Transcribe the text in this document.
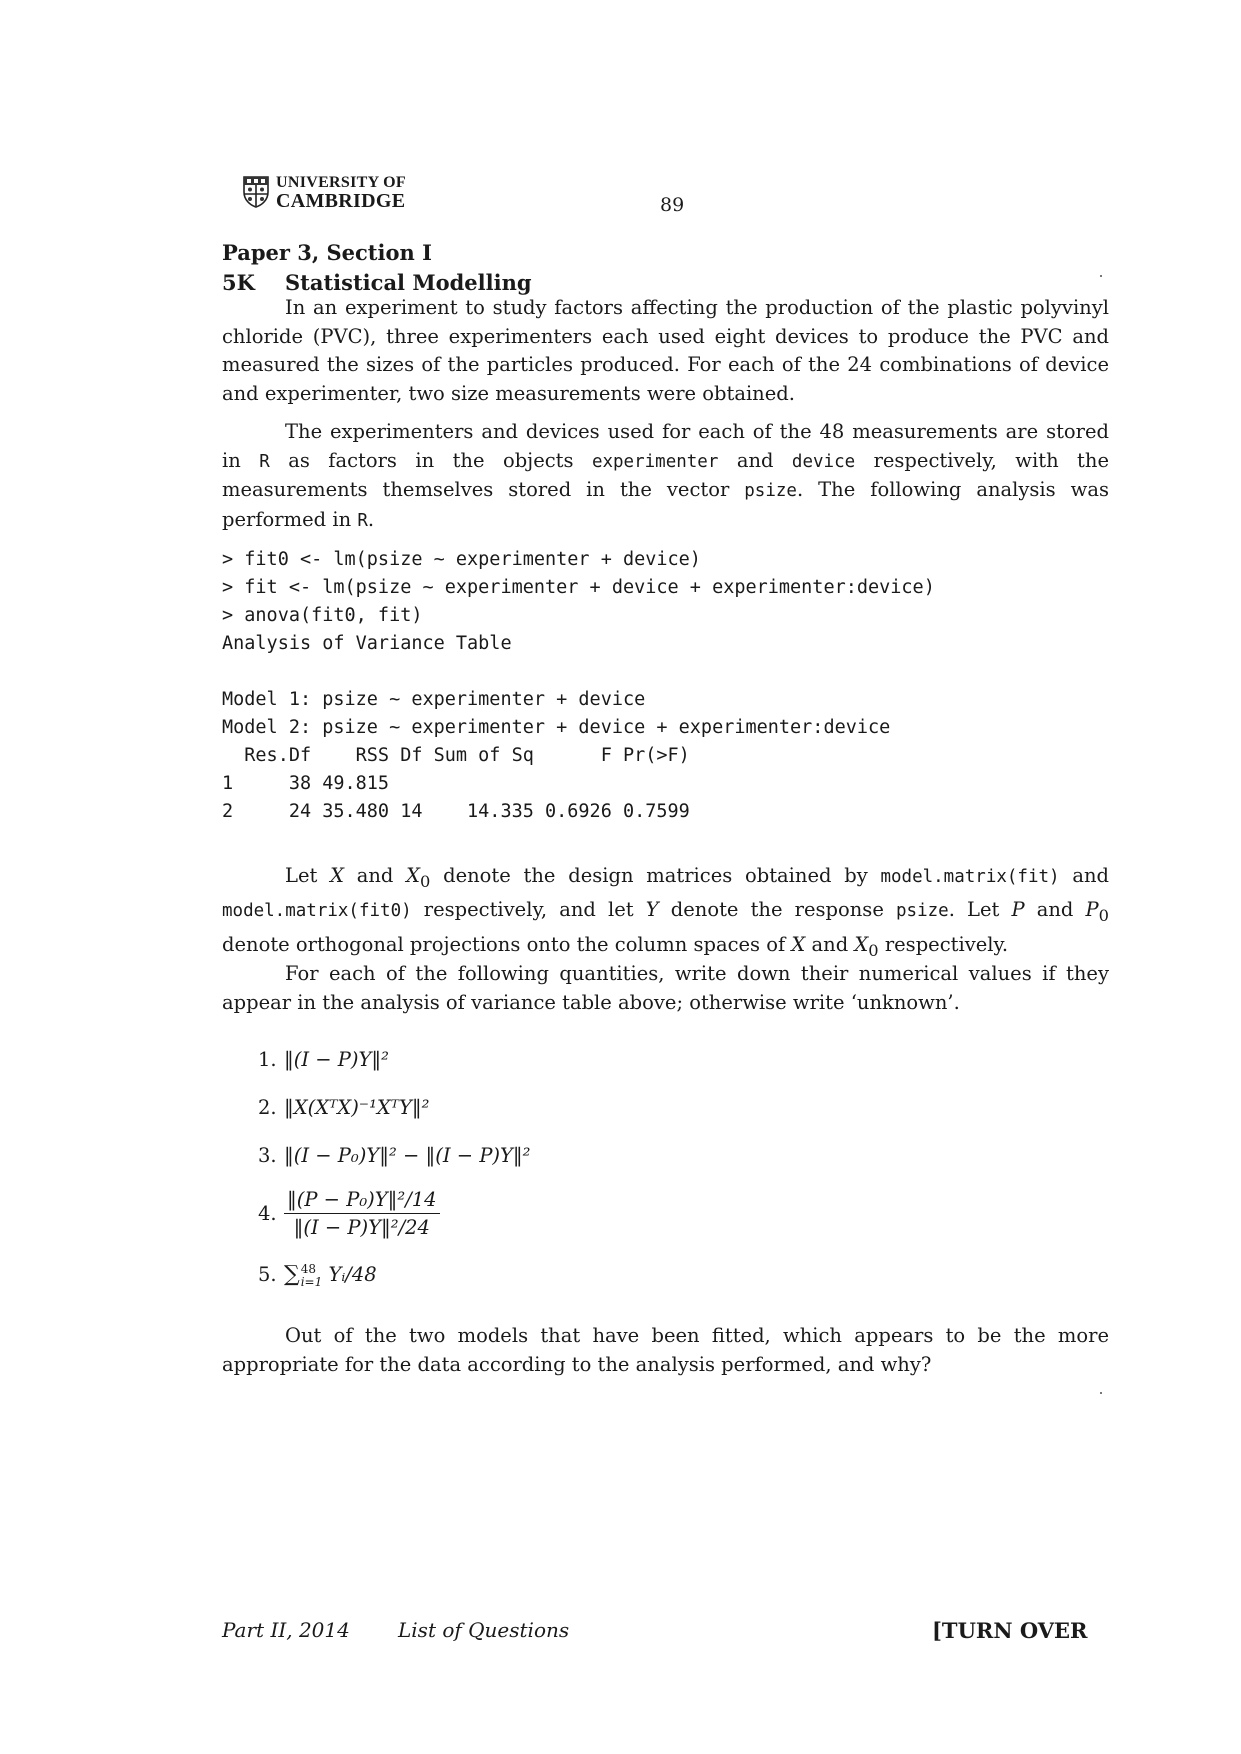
UNIVERSITY OF
CAMBRIDGE	89
Paper 3, Section I
5K Statistical Modelling
In an experiment to study factors affecting the production of the plastic polyvinyl chloride (PVC), three experimenters each used eight devices to produce the PVC and measured the sizes of the particles produced. For each of the 24 combinations of device and experimenter, two size measurements were obtained.
The experimenters and devices used for each of the 48 measurements are stored in R as factors in the objects experimenter and device respectively, with the measurements themselves stored in the vector psize. The following analysis was performed in R.
> fit0 <- lm(psize ~ experimenter + device)
> fit <- lm(psize ~ experimenter + device + experimenter:device)
> anova(fit0, fit)
Analysis of Variance Table

Model 1: psize ~ experimenter + device
Model 2: psize ~ experimenter + device + experimenter:device
Res.Df    RSS Df Sum of Sq      F Pr(>F)
1     38 49.815
2     24 35.480 14    14.335 0.6926 0.7599
Let X and $X_0$ denote the design matrices obtained by model.matrix(fit) and model.matrix(fit0) respectively, and let Y denote the response psize. Let P and $P_0$ denote orthogonal projections onto the column spaces of X and $X_0$ respectively.
For each of the following quantities, write down their numerical values if they appear in the analysis of variance table above; otherwise write ‘unknown’.
1. ‖(I − P)Y‖²
2. ‖X(XᵀX)⁻¹XᵀY‖²
3. ‖(I − P₀)Y‖² − ‖(I − P)Y‖²
4. $\frac{\text{‖(P − P₀)Y‖²/14}}{\text{‖(I − P)Y‖²/24}}$
5. ∑ 48
i=1 Yᵢ/48
Out of the two models that have been fitted, which appears to be the more appropriate for the data according to the analysis performed, and why?
Part II, 2014 List of Questions	[TURN OVER
